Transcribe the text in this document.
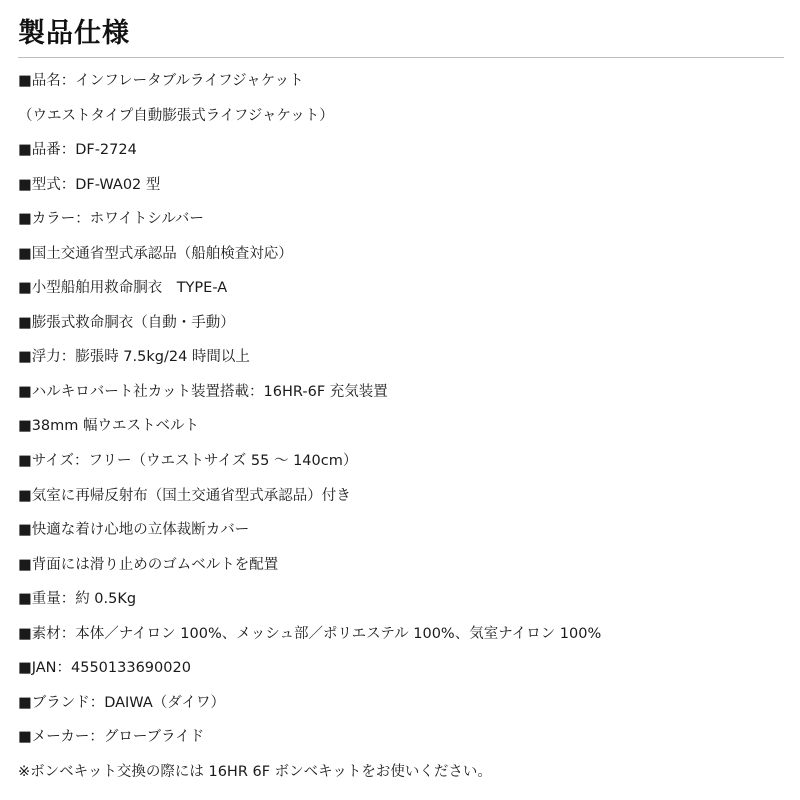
製品仕様
■品名：インフレータブルライフジャケット
（ウエストタイプ自動膨張式ライフジャケット）
■品番：DF-2724
■型式：DF-WA02 型
■カラー：ホワイトシルバー
■国土交通省型式承認品（船舶検査対応）
■小型船舶用救命胴衣　TYPE-A
■膨張式救命胴衣（自動・手動）
■浮力：膨張時 7.5kg/24 時間以上
■ハルキロバート社カット装置搭載：16HR-6F 充気装置
■38mm 幅ウエストベルト
■サイズ：フリー（ウエストサイズ 55 〜 140cm）
■気室に再帰反射布（国土交通省型式承認品）付き
■快適な着け心地の立体裁断カバー
■背面には滑り止めのゴムベルトを配置
■重量：約 0.5Kg
■素材：本体／ナイロン 100%、メッシュ部／ポリエステル 100%、気室ナイロン 100%
■JAN：4550133690020
■ブランド：DAIWA（ダイワ）
■メーカー：グローブライド
※ボンベキット交換の際には 16HR 6F ボンベキットをお使いください。
